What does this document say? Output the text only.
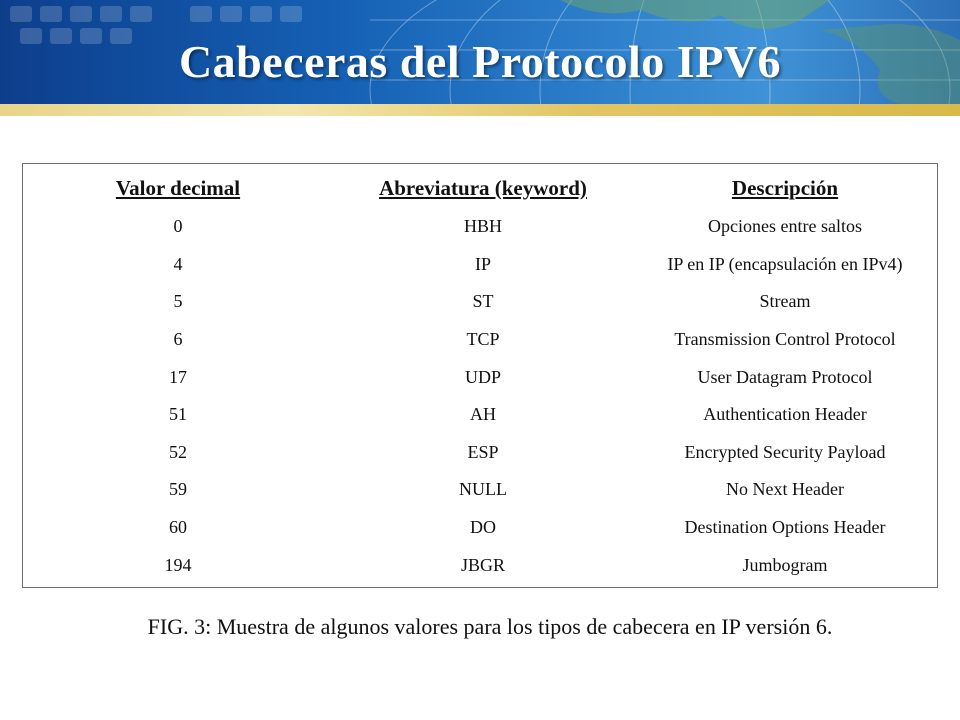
Cabeceras del Protocolo IPV6
Valor decimal	Abreviatura (keyword)	Descripción
0	HBH	Opciones entre saltos
4	IP	IP en IP (encapsulación en IPv4)
5	ST	Stream
6	TCP	Transmission Control Protocol
17	UDP	User Datagram Protocol
51	AH	Authentication Header
52	ESP	Encrypted Security Payload
59	NULL	No Next Header
60	DO	Destination Options Header
194	JBGR	Jumbogram
FIG. 3: Muestra de algunos valores para los tipos de cabecera en IP versión 6.
